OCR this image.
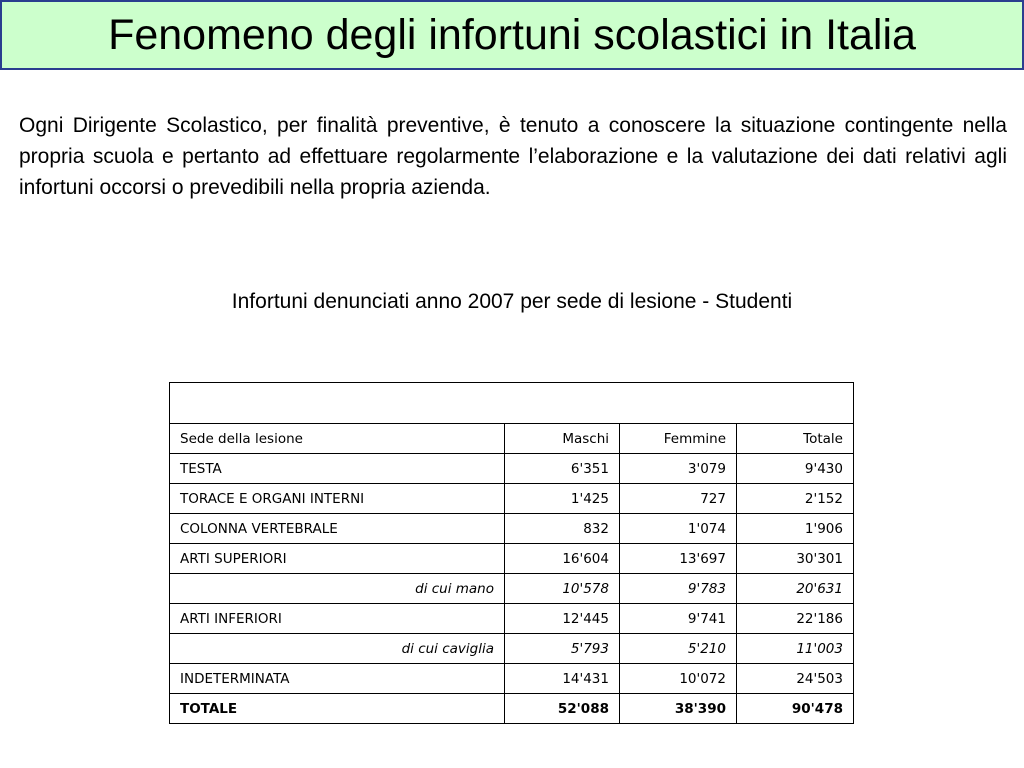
Fenomeno degli infortuni scolastici in Italia

Ogni Dirigente Scolastico, per finalità preventive, è tenuto a conoscere la situazione contingente nella propria scuola e pertanto ad effettuare regolarmente l’elaborazione e la valutazione dei dati relativi agli infortuni occorsi o prevedibili nella propria azienda.

Infortuni denunciati anno 2007 per sede di lesione - Studenti

Sede della lesione	Maschi	Femmine	Totale
TESTA	6'351	3'079	9'430
TORACE E ORGANI INTERNI	1'425	727	2'152
COLONNA VERTEBRALE	832	1'074	1'906
ARTI SUPERIORI	16'604	13'697	30'301
di cui mano	10'578	9'783	20'631
ARTI INFERIORI	12'445	9'741	22'186
di cui caviglia	5'793	5'210	11'003
INDETERMINATA	14'431	10'072	24'503
TOTALE	52'088	38'390	90'478
